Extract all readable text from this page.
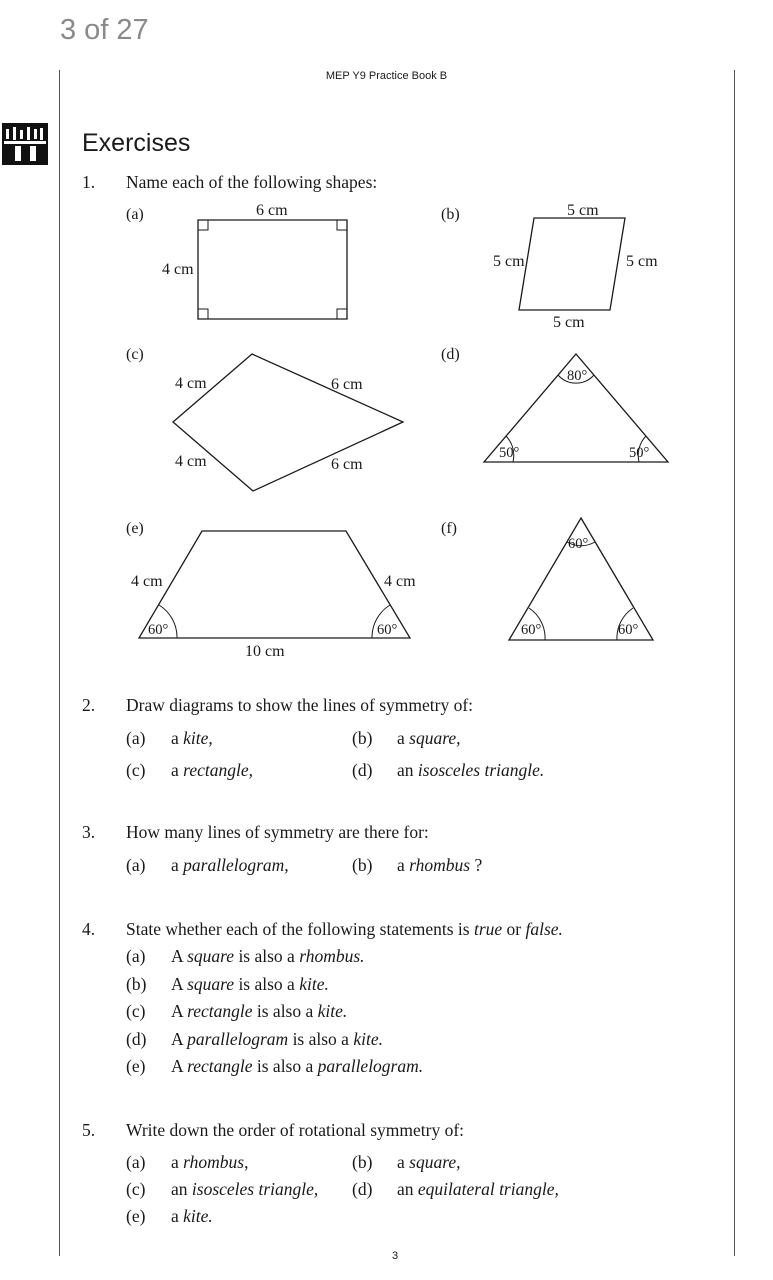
3 of 27
MEP Y9 Practice Book B
Exercises
1. Name each of the following shapes:
(a)	6 cm
4 cm
(b)	5 cm
5 cm	5 cm
5 cm
(c)
4 cm	6 cm
4 cm	6 cm
(d)
80°
50°	50°
(e)
4 cm	4 cm
10 cm
60°	60°
(f)
60°
60°	60°
2. Draw diagrams to show the lines of symmetry of:
(a) a kite,	(b) a square,
(c) a rectangle,	(d) an isosceles triangle.
3. How many lines of symmetry are there for:
(a) a parallelogram,	(b) a rhombus ?
4. State whether each of the following statements is true or false.
(a) A square is also a rhombus.
(b) A square is also a kite.
(c) A rectangle is also a kite.
(d) A parallelogram is also a kite.
(e) A rectangle is also a parallelogram.
5. Write down the order of rotational symmetry of:
(a) a rhombus,	(b) a square,
(c) an isosceles triangle, (d) an equilateral triangle,
(e) a kite.
3
